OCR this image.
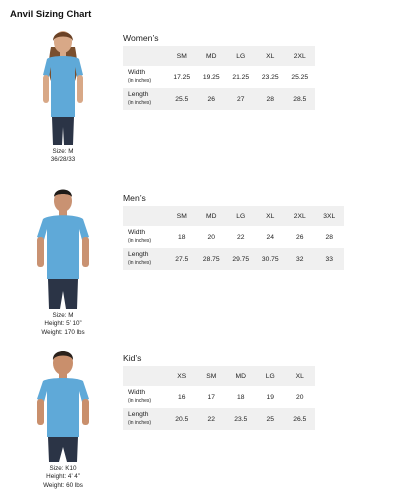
Anvil Sizing Chart
Size: M
36/28/33
Women’s
	SM	MD	LG	XL	2XL
Width
(in inches)	17.25	19.25	21.25	23.25	25.25
Length
(in inches)	25.5	26	27	28	28.5
Size: M
Height: 5’ 10”
Weight: 170 lbs
Men’s
	SM	MD	LG	XL	2XL	3XL
Width
(in inches)	18	20	22	24	26	28
Length
(in inches)	27.5	28.75	29.75	30.75	32	33
Size: K10
Height: 4’ 4”
Weight: 60 lbs
Kid’s
	XS	SM	MD	LG	XL
Width
(in inches)	16	17	18	19	20
Length
(in inches)	20.5	22	23.5	25	26.5
